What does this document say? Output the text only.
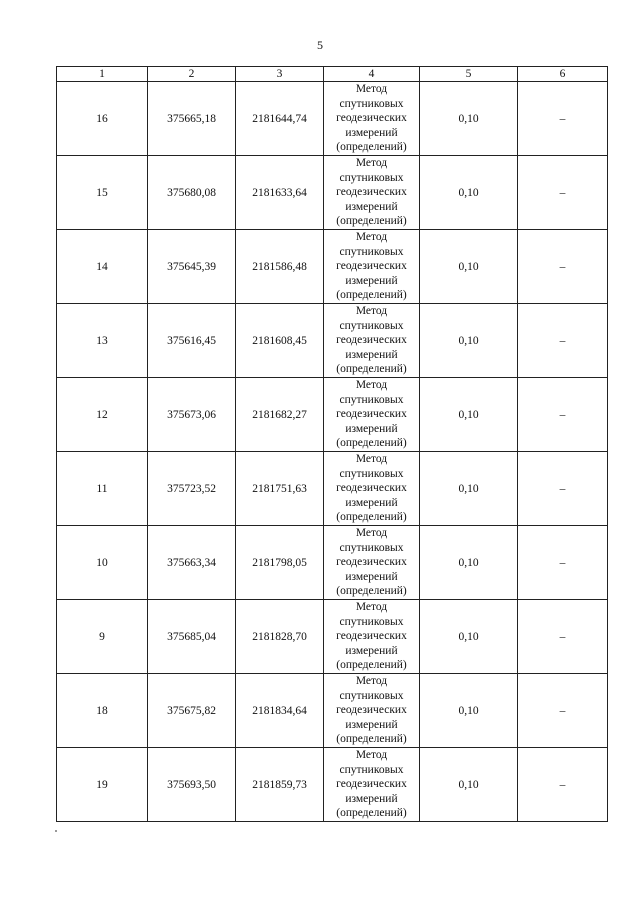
5
1	2	3	4	5	6
16	375665,18	2181644,74	Метод
спутниковых
геодезических
измерений
(определений)	0,10	–
15	375680,08	2181633,64	Метод
спутниковых
геодезических
измерений
(определений)	0,10	–
14	375645,39	2181586,48	Метод
спутниковых
геодезических
измерений
(определений)	0,10	–
13	375616,45	2181608,45	Метод
спутниковых
геодезических
измерений
(определений)	0,10	–
12	375673,06	2181682,27	Метод
спутниковых
геодезических
измерений
(определений)	0,10	–
11	375723,52	2181751,63	Метод
спутниковых
геодезических
измерений
(определений)	0,10	–
10	375663,34	2181798,05	Метод
спутниковых
геодезических
измерений
(определений)	0,10	–
9	375685,04	2181828,70	Метод
спутниковых
геодезических
измерений
(определений)	0,10	–
18	375675,82	2181834,64	Метод
спутниковых
геодезических
измерений
(определений)	0,10	–
19	375693,50	2181859,73	Метод
спутниковых
геодезических
измерений
(определений)	0,10	–
